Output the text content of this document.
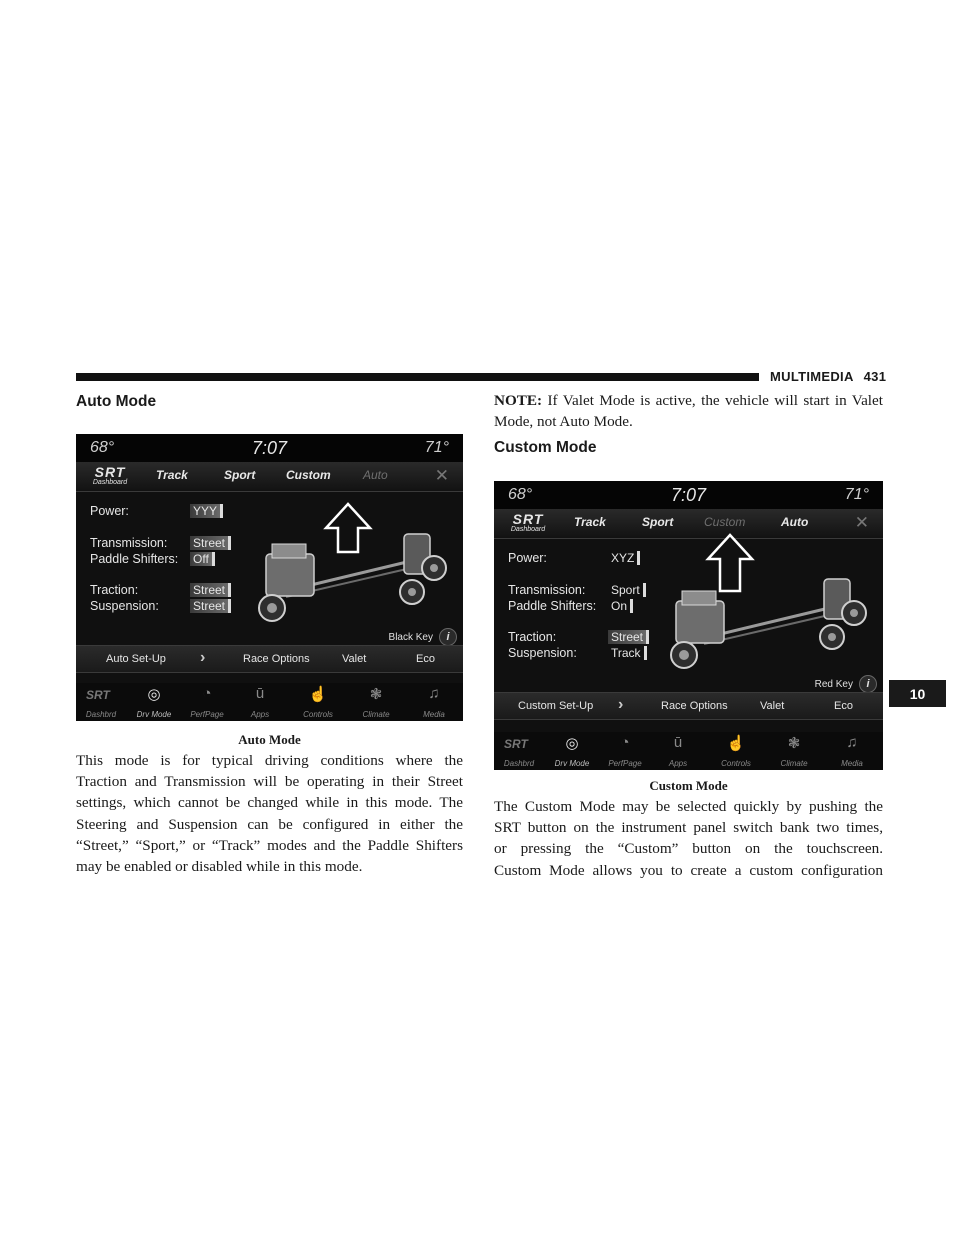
MULTIMEDIA 431
10
Auto Mode
68°	7:07	71°
SRT
Dashboard
Track	Sport	Custom	Auto	✕
Power:	YYY
Transmission: Street
Paddle Shifters: Off
Traction:	Street
Suspension:	Street
Black Key	i
Auto Set-Up ›	Race Options	Valet	Eco
SRT
Dashbrd
◎
Drv Mode
◔
PerfPage
ū
Apps
☝
Controls
❃
Climate
♫
Media
Auto Mode
This mode is for typical driving conditions where the
Traction and Transmission will be operating in their Street
settings, which cannot be changed while in this mode. The
Steering and Suspension can be configured in either the
“Street,” “Sport,” or “Track” modes and the Paddle Shifters
may be enabled or disabled while in this mode.
NOTE: If Valet Mode is active, the vehicle will start in Valet
Mode, not Auto Mode.
Custom Mode
68°	7:07	71°
SRT
Dashboard
Track	Sport	Custom	Auto	✕
Power:	XYZ
Transmission: Sport
Paddle Shifters: On
Traction:	Street
Suspension:	Track
Red Key	i
Custom Set-Up ›	Race Options	Valet	Eco
SRT
Dashbrd
◎
Drv Mode
◔
PerfPage
ū
Apps
☝
Controls
❃
Climate
♫
Media
Custom Mode
The Custom Mode may be selected quickly by pushing the
SRT button on the instrument panel switch bank two times,
or pressing the “Custom” button on the touchscreen.
Custom Mode allows you to create a custom configuration
